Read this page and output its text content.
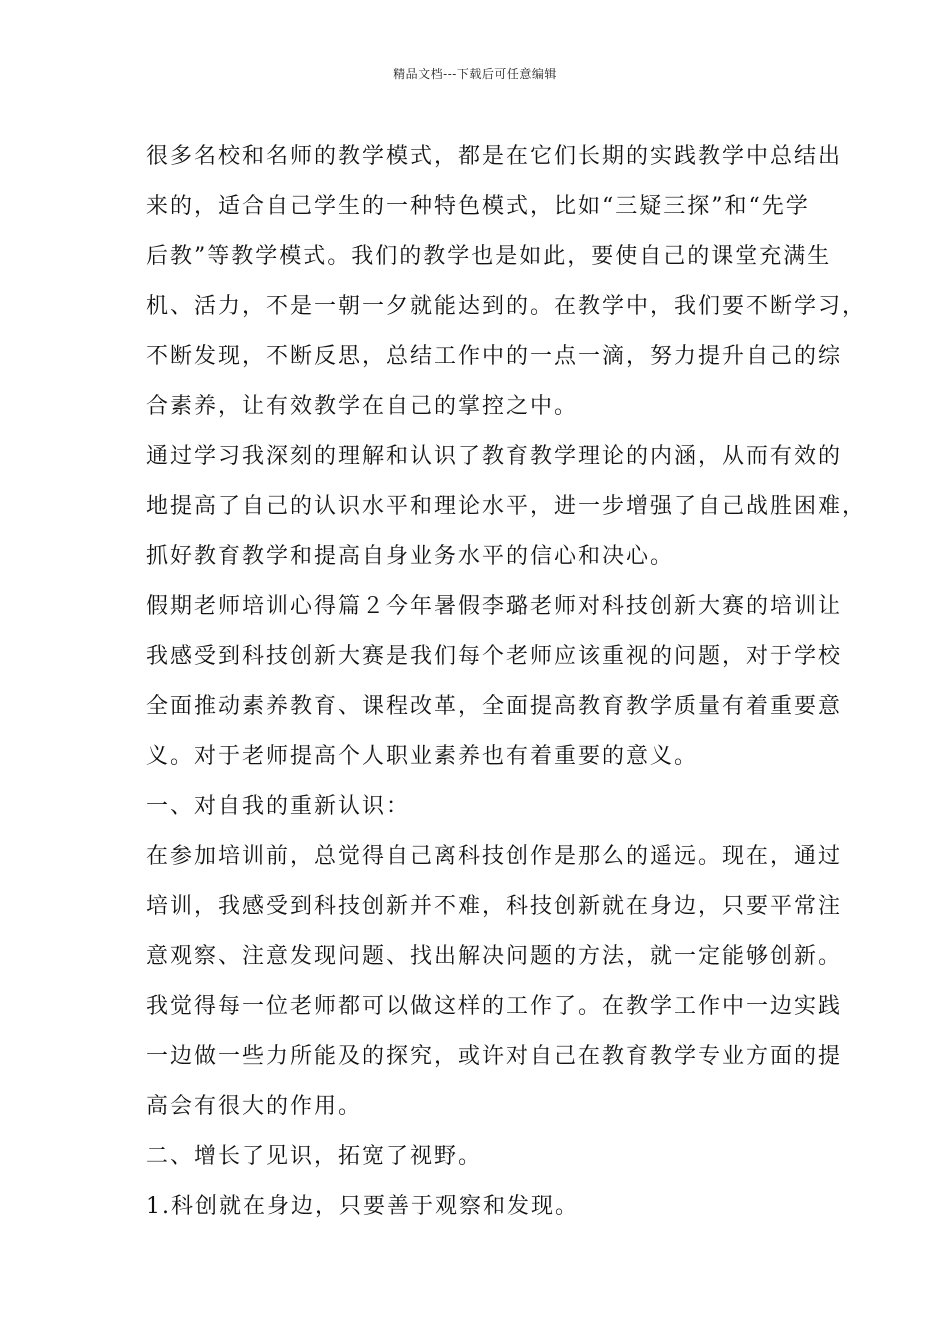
精品文档---下载后可任意编辑

很多名校和名师的教学模式，都是在它们长期的实践教学中总结出
来的，适合自己学生的一种特色模式，比如“三疑三探”和“先学
后教”等教学模式。我们的教学也是如此，要使自己的课堂充满生
机、活力，不是一朝一夕就能达到的。在教学中，我们要不断学习，
不断发现，不断反思，总结工作中的一点一滴，努力提升自己的综
合素养，让有效教学在自己的掌控之中。

通过学习我深刻的理解和认识了教育教学理论的内涵，从而有效的
地提高了自己的认识水平和理论水平，进一步增强了自己战胜困难，
抓好教育教学和提高自身业务水平的信心和决心。

假期老师培训心得篇２今年暑假李璐老师对科技创新大赛的培训让
我感受到科技创新大赛是我们每个老师应该重视的问题，对于学校
全面推动素养教育、课程改革，全面提高教育教学质量有着重要意
义。对于老师提高个人职业素养也有着重要的意义。

一、对自我的重新认识：

在参加培训前，总觉得自己离科技创作是那么的遥远。现在，通过
培训，我感受到科技创新并不难，科技创新就在身边，只要平常注
意观察、注意发现问题、找出解决问题的方法，就一定能够创新。
我觉得每一位老师都可以做这样的工作了。在教学工作中一边实践
一边做一些力所能及的探究，或许对自己在教育教学专业方面的提
高会有很大的作用。

二、增长了见识，拓宽了视野。

1.科创就在身边，只要善于观察和发现。
